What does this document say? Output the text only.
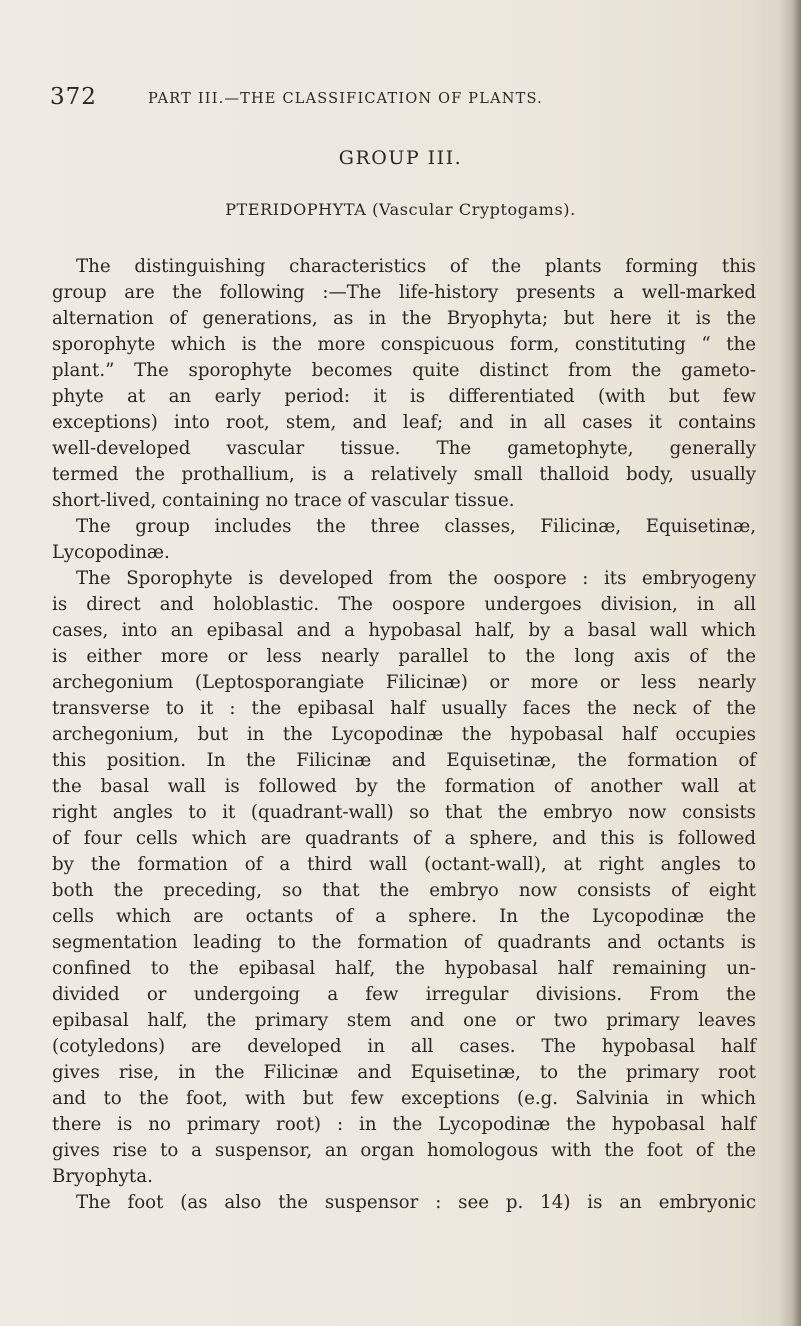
372	PART III.—THE CLASSIFICATION OF PLANTS.
GROUP III.
PTERIDOPHYTA (Vascular Cryptogams).
The distinguishing characteristics of the plants forming this
group are the following :—The life-history presents a well-marked
alternation of generations, as in the Bryophyta; but here it is the
sporophyte which is the more conspicuous form, constituting “ the
plant.” The sporophyte becomes quite distinct from the gameto-
phyte at an early period: it is differentiated (with but few
exceptions) into root, stem, and leaf; and in all cases it contains
well-developed vascular tissue. The gametophyte, generally
termed the prothallium, is a relatively small thalloid body, usually
short-lived, containing no trace of vascular tissue.
The group includes the three classes, Filicinæ, Equisetinæ,
Lycopodinæ.
The Sporophyte is developed from the oospore : its embryogeny
is direct and holoblastic. The oospore undergoes division, in all
cases, into an epibasal and a hypobasal half, by a basal wall which
is either more or less nearly parallel to the long axis of the
archegonium (Leptosporangiate Filicinæ) or more or less nearly
transverse to it : the epibasal half usually faces the neck of the
archegonium, but in the Lycopodinæ the hypobasal half occupies
this position. In the Filicinæ and Equisetinæ, the formation of
the basal wall is followed by the formation of another wall at
right angles to it (quadrant-wall) so that the embryo now consists
of four cells which are quadrants of a sphere, and this is followed
by the formation of a third wall (octant-wall), at right angles to
both the preceding, so that the embryo now consists of eight
cells which are octants of a sphere. In the Lycopodinæ the
segmentation leading to the formation of quadrants and octants is
confined to the epibasal half, the hypobasal half remaining un-
divided or undergoing a few irregular divisions. From the
epibasal half, the primary stem and one or two primary leaves
(cotyledons) are developed in all cases. The hypobasal half
gives rise, in the Filicinæ and Equisetinæ, to the primary root
and to the foot, with but few exceptions (e.g. Salvinia in which
there is no primary root) : in the Lycopodinæ the hypobasal half
gives rise to a suspensor, an organ homologous with the foot of the
Bryophyta.
The foot (as also the suspensor : see p. 14) is an embryonic
